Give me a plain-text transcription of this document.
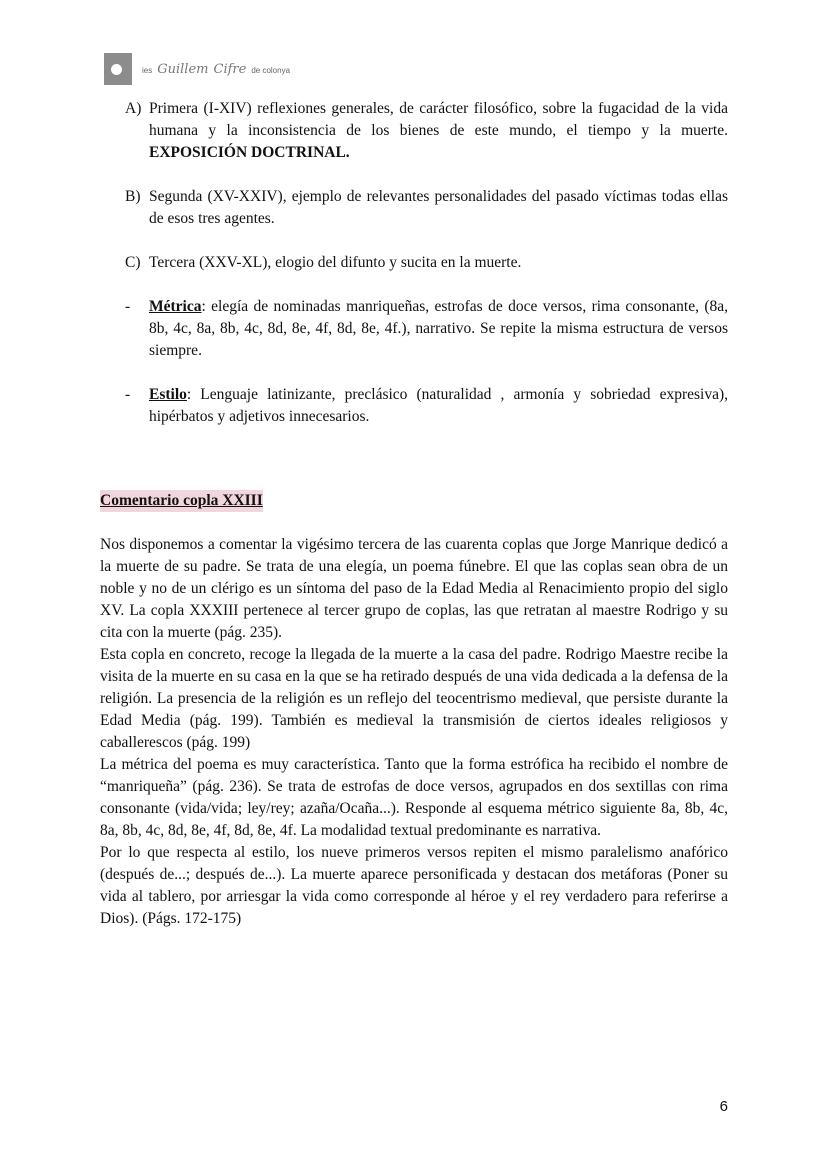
ies Guillem Cifre de colonya
A) Primera (I-XIV) reflexiones generales, de carácter filosófico, sobre la fugacidad de la vida humana y la inconsistencia de los bienes de este mundo, el tiempo y la muerte. EXPOSICIÓN DOCTRINAL.
B) Segunda (XV-XXIV), ejemplo de relevantes personalidades del pasado víctimas todas ellas de esos tres agentes.
C) Tercera (XXV-XL), elogio del difunto y sucita en la muerte.
-	Métrica: elegía de nominadas manriqueñas, estrofas de doce versos, rima consonante, (8a, 8b, 4c, 8a, 8b, 4c, 8d, 8e, 4f, 8d, 8e, 4f.), narrativo. Se repite la misma estructura de versos siempre.
-	Estilo: Lenguaje latinizante, preclásico (naturalidad , armonía y sobriedad expresiva), hipérbatos y adjetivos innecesarios.
Comentario copla XXIII

Nos disponemos a comentar la vigésimo tercera de las cuarenta coplas que Jorge Manrique dedicó a la muerte de su padre. Se trata de una elegía, un poema fúnebre. El que las coplas sean obra de un noble y no de un clérigo es un síntoma del paso de la Edad Media al Renacimiento propio del siglo XV. La copla XXXIII pertenece al tercer grupo de coplas, las que retratan al maestre Rodrigo y su cita con la muerte (pág. 235).

Esta copla en concreto, recoge la llegada de la muerte a la casa del padre. Rodrigo Maestre recibe la visita de la muerte en su casa en la que se ha retirado después de una vida dedicada a la defensa de la religión. La presencia de la religión es un reflejo del teocentrismo medieval, que persiste durante la Edad Media (pág. 199). También es medieval la transmisión de ciertos ideales religiosos y caballerescos (pág. 199)

La métrica del poema es muy característica. Tanto que la forma estrófica ha recibido el nombre de “manriqueña” (pág. 236). Se trata de estrofas de doce versos, agrupados en dos sextillas con rima consonante (vida/vida; ley/rey; azaña/Ocaña...). Responde al esquema métrico siguiente 8a, 8b, 4c, 8a, 8b, 4c, 8d, 8e, 4f, 8d, 8e, 4f. La modalidad textual predominante es narrativa.

Por lo que respecta al estilo, los nueve primeros versos repiten el mismo paralelismo anafórico (después de...; después de...). La muerte aparece personificada y destacan dos metáforas (Poner su vida al tablero, por arriesgar la vida como corresponde al héroe y el rey verdadero para referirse a Dios). (Págs. 172-175)

6
